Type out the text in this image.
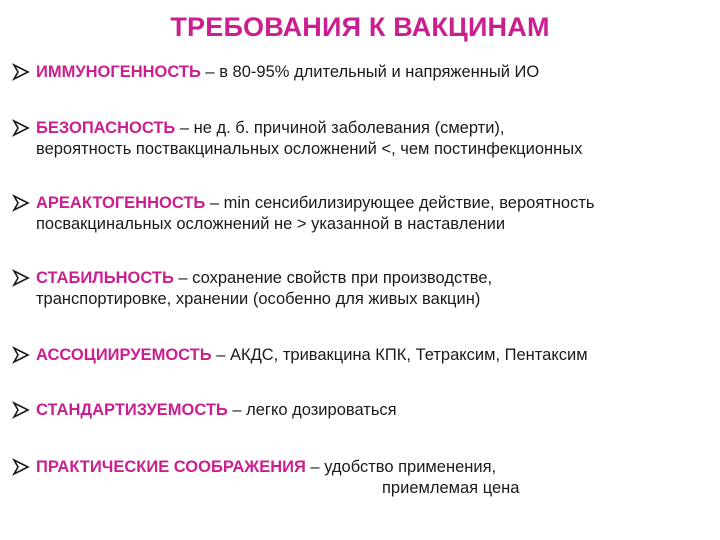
ТРЕБОВАНИЯ К ВАКЦИНАМ
ИММУНОГЕННОСТЬ – в 80-95% длительный и напряженный ИО
БЕЗОПАСНОСТЬ – не д. б. причиной заболевания (смерти),
вероятность поствакцинальных осложнений <, чем постинфекционных
АРЕАКТОГЕННОСТЬ – min сенсибилизирующее действие, вероятность
посвакцинальных осложнений не > указанной в наставлении
СТАБИЛЬНОСТЬ – сохранение свойств при производстве,
транспортировке, хранении (особенно для живых вакцин)
АССОЦИИРУЕМОСТЬ – АКДС, тривакцина КПК, Тетраксим, Пентаксим
СТАНДАРТИЗУЕМОСТЬ – легко дозироваться
ПРАКТИЧЕСКИЕ СООБРАЖЕНИЯ – удобство применения,
приемлемая цена
